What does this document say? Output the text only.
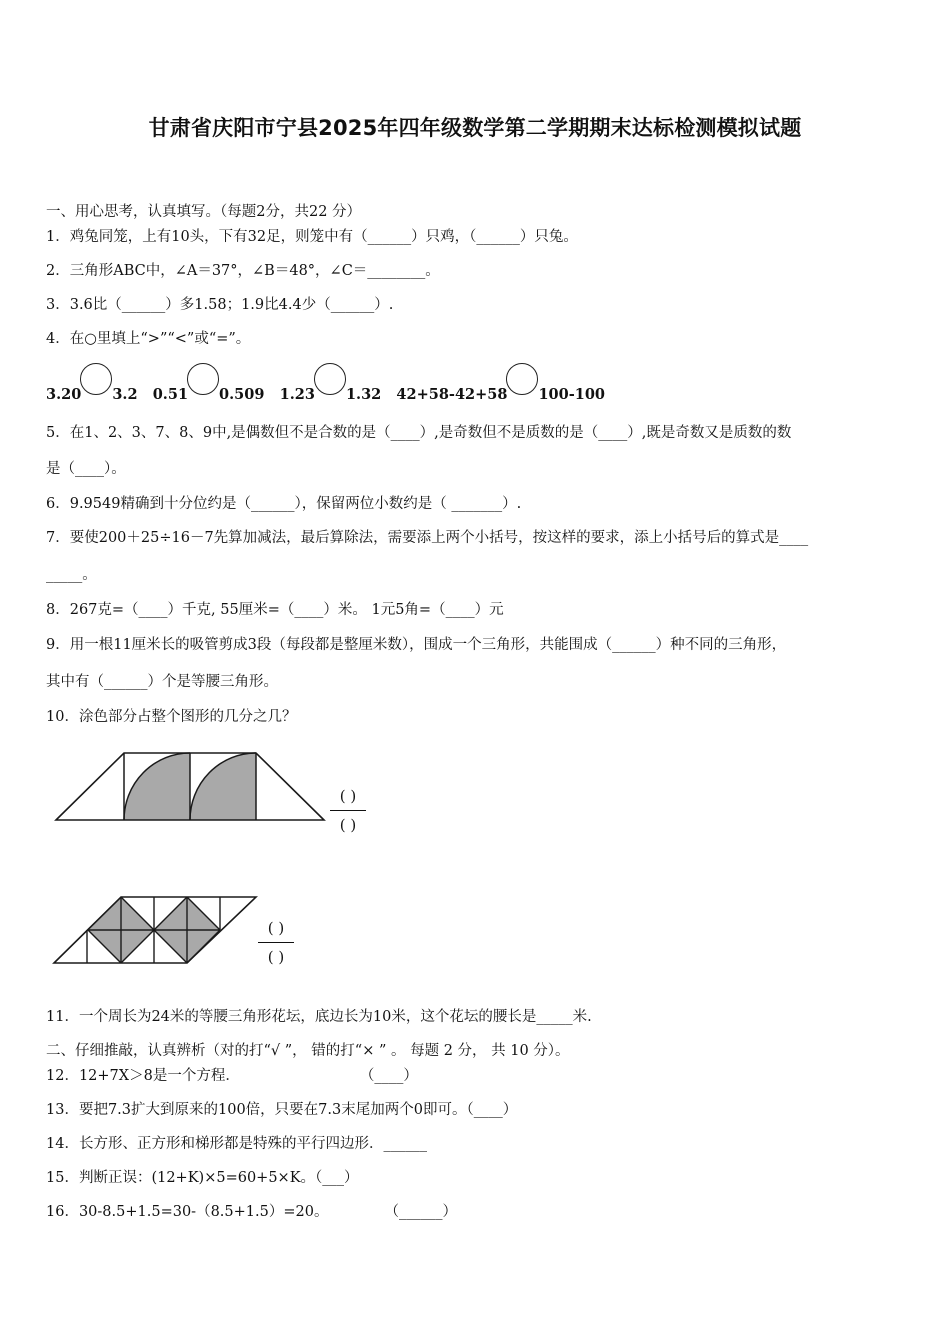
甘肃省庆阳市宁县2025年四年级数学第二学期期末达标检测模拟试题
一、用心思考，认真填写。（每题2分，共22 分）
1．鸡兔同笼，上有10头，下有32足，则笼中有（______）只鸡，（______）只兔。
2．三角形ABC中，∠A＝37°，∠B＝48°，∠C＝________。
3．3.6比（______）多1.58；1.9比4.4少（______）.
4．在○里填上“>”“<”或“=”。
3.20 3.2 0.51 0.509 1.23 1.32 42+58-42+58 100-100
5．在1、2、3、7、8、9中,是偶数但不是合数的是（____）,是奇数但不是质数的是（____）,既是奇数又是质数的数
是（____）。
6．9.9549精确到十分位约是（______），保留两位小数约是（ _______）.
7．要使200＋25÷16－7先算加减法，最后算除法，需要添上两个小括号，按这样的要求，添上小括号后的算式是____
_____。
8．267克=（____）千克, 55厘米=（____）米。 1元5角=（____）元
9．用一根11厘米长的吸管剪成3段（每段都是整厘米数），围成一个三角形，共能围成（______）种不同的三角形，
其中有（______）个是等腰三角形。
10．涂色部分占整个图形的几分之几？
( )
( )
( )
( )
11．一个周长为24米的等腰三角形花坛，底边长为10米，这个花坛的腰长是_____米.
二、仔细推敲，认真辨析（对的打“√ ”， 错的打“× ” 。 每题 2 分， 共 10 分）。
12．12+7X＞8是一个方程．	（____）
13．要把7.3扩大到原来的100倍，只要在7.3末尾加两个0即可。（____）
14．长方形、正方形和梯形都是特殊的平行四边形．______
15．判断正误：(12+K)×5=60+5×K。（___）
16．30-8.5+1.5=30-（8.5+1.5）=20。	（______）
